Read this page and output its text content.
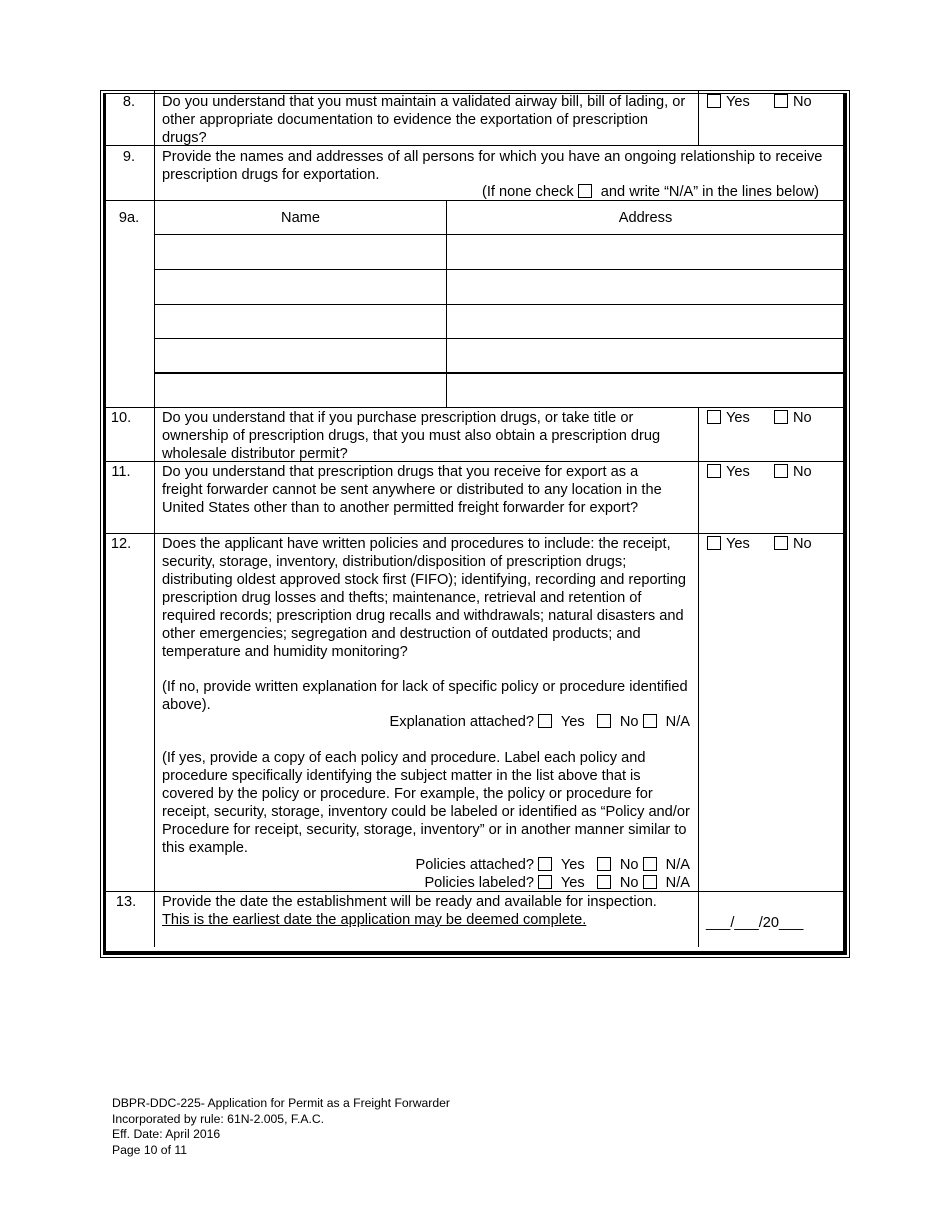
8.	Do you understand that you must maintain a validated airway bill, bill of lading, or other appropriate documentation to evidence the exportation of prescription drugs?
Yes	No
9.	Provide the names and addresses of all persons for which you have an ongoing relationship to receive prescription drugs for exportation.
(If none check and write “N/A” in the lines below)
9a.	Name	Address
10.	Do you understand that if you purchase prescription drugs, or take title or ownership of prescription drugs, that you must also obtain a prescription drug wholesale distributor permit?
Yes	No
11.	Do you understand that prescription drugs that you receive for export as a freight forwarder cannot be sent anywhere or distributed to any location in the United States other than to another permitted freight forwarder for export?
Yes	No
12.	Does the applicant have written policies and procedures to include: the receipt, security, storage, inventory, distribution/disposition of prescription drugs; distributing oldest approved stock first (FIFO); identifying, recording and reporting prescription drug losses and thefts; maintenance, retrieval and retention of required records; prescription drug recalls and withdrawals; natural disasters and other emergencies; segregation and destruction of outdated products; and temperature and humidity monitoring?
Yes	No
(If no, provide written explanation for lack of specific policy or procedure identified above).
Explanation attached? Yes No N/A
(If yes, provide a copy of each policy and procedure. Label each policy and procedure specifically identifying the subject matter in the list above that is covered by the policy or procedure. For example, the policy or procedure for receipt, security, storage, inventory could be labeled or identified as “Policy and/or Procedure for receipt, security, storage, inventory” or in another manner similar to this example.
Policies attached? Yes No N/A
Policies labeled? Yes No N/A
13.	Provide the date the establishment will be ready and available for inspection.
This is the earliest date the application may be deemed complete.	___/___/20___
DBPR-DDC-225- Application for Permit as a Freight Forwarder
Incorporated by rule: 61N-2.005, F.A.C.
Eff. Date: April 2016
Page 10 of 11
